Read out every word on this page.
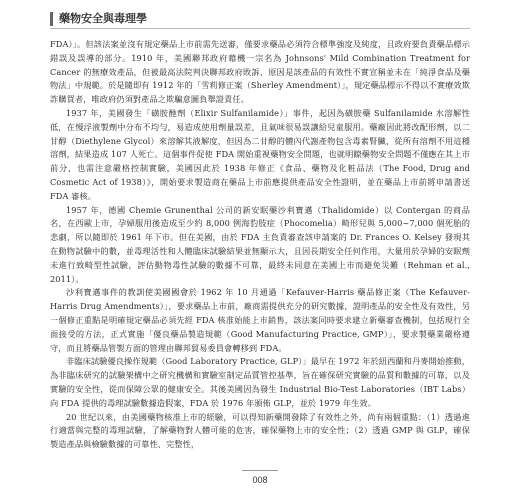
藥物安全與毒理學

FDA）」。但該法案並沒有規定藥品上市前需先送審，僅要求藥品必須符合標準強度及純度，且政府要負責藥品標示錯誤及誤導的部分。1910 年，美國聯邦政府藉機一宗名為 Johnsons' Mild Combination Treatment for Cancer 的無療效產品，但被最高法院判決聯邦政府敗訴，原因是該產品的有效性不實宣稱並未在「純淨食品及藥物法」中規範。於是隨即有 1912 年的「雪莉修正案（Sherley Amendment）」，規定藥品標示不得以不實療效欺詐購買者，唯政府仍須對產品之欺騙意圖負舉證責任。

1937 年，美國發生「磺胺酏劑（Elixir Sulfanilamide）」事件，起因為磺胺藥 Sulfanilamide 水溶解性低，在慢浮液製劑中分布不均勻，易造成使用劑量誤差，且氣味很易誤讓給兒童服用。藥廠因此將改配形劑，以二甘醇（Diethylene Glycol）來溶解其液解度，但因為二甘醇的體內代謝產物包含毒素腎臟，從所有溶劑不用這種溶劑，結果造成 107 人死亡。這個事件促使 FDA 開始重視藥物安全問題，也就明瞭藥物安全問題不僅應在其上市前分，也需注意嚴格控制實驗，美國因此於 1938 年修正《食品、藥物及化粧品法（The Food, Drug and Cosmetic Act of 1938）》，開始要求製造商在藥品上市前應提供產品安全性證明，並在藥品上市前將申請書送 FDA 審核。

1957 年，德國 Chemie Grunenthal 公司的新安眠藥沙利寶邁（Thalidomide）以 Contergan 的商品名，在西歐上市，孕婦服用後造成至少約 8,000 例海豹肢症（Phocomelia）畸形兒與 5,000~7,000 個死胎的悲劇，所以隨即於 1961 年下市。但在美國，由於 FDA 主負責審查該申請案的 Dr. Frances O. Kelsey 發現其在動物試驗中的數，並毒理活性和人體臨床試驗結果並無顯示大，且因長期安全任何作用，大量用於孕婦的安眠劑未進行致畸型性試驗，評估動物毒性試驗的數據不可靠，最終未同意在美國上市而避免災難（Rehman et al., 2011）。

沙利寶邁事件的教訓使美國國會於 1962 年 10 月通過「Kefauver-Harris 藥品修正案（The Kefauver-Harris Drug Amendments）」，要求藥品上市前，廠商需提供充分的研究數據，證明產品的安全性及有效性，另一個修正重點是明確規定藥品必須先經 FDA 核准始能上市銷售，該法案同時要求建立新藥審查機制，包括現行全面接受的方法，正式實施「優良藥品製造規範（Good Manufacturing Practice, GMP）」，要求製藥業嚴格遵守，而且將藥品管製方面的管理由聯邦貿易委員會轉移到 FDA。

非臨床試驗優良操作規範（Good Laboratory Practice, GLP）」最早在 1972 年於紐西蘭和丹麥開始推動，為非臨床研究的試驗架構中之研究機構和實驗室制定品質管控基準，旨在確保研究實驗的品質和數據的可靠，以及實驗的安全性，從而保障公眾的健康安全。其後美國因為發生 Industrial Bio-Test Laboratories（IBT Labs）向 FDA 提供的毒理試驗數據造假案，FDA 於 1976 年頒佈 GLP，並於 1979 年生效。

20 世紀以來，由美國藥物核准上市的經驗，可以得知新藥開發除了有效性之外，尚有兩個重點：（1）透過進行適當與完整的毒理試驗，了解藥物對人體可能的危害，確保藥物上市的安全性；（2）透過 GMP 與 GLP，確保製造產品與檢驗數據的可靠性、完整性，

008
